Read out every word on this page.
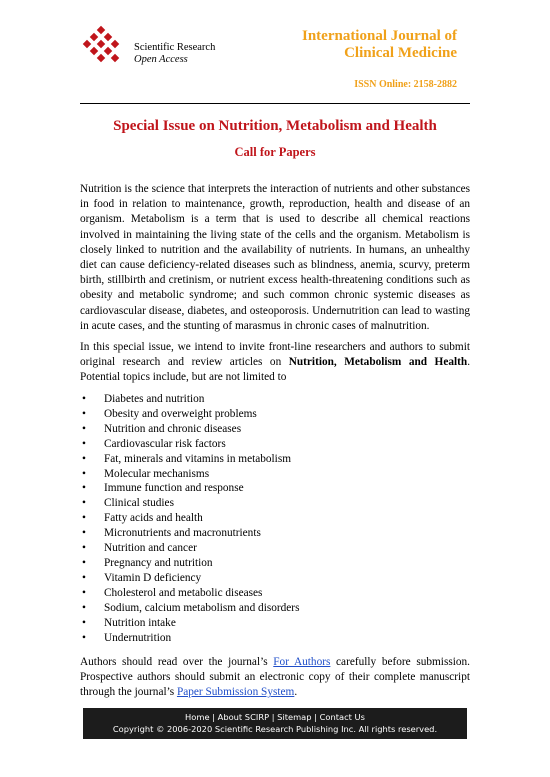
Scientific Research
Open Access
International Journal of
Clinical Medicine
ISSN Online: 2158-2882
Special Issue on Nutrition, Metabolism and Health
Call for Papers

Nutrition is the science that interprets the interaction of nutrients and other substances in food in relation to maintenance, growth, reproduction, health and disease of an organism. Metabolism is a term that is used to describe all chemical reactions involved in maintaining the living state of the cells and the organism. Metabolism is closely linked to nutrition and the availability of nutrients. In humans, an unhealthy diet can cause deficiency-related diseases such as blindness, anemia, scurvy, preterm birth, stillbirth and cretinism, or nutrient excess health-threatening conditions such as obesity and metabolic syndrome; and such common chronic systemic diseases as cardiovascular disease, diabetes, and osteoporosis. Undernutrition can lead to wasting in acute cases, and the stunting of marasmus in chronic cases of malnutrition.

In this special issue, we intend to invite front-line researchers and authors to submit original research and review articles on Nutrition, Metabolism and Health. Potential topics include, but are not limited to

• Diabetes and nutrition
• Obesity and overweight problems
• Nutrition and chronic diseases
• Cardiovascular risk factors
• Fat, minerals and vitamins in metabolism
• Molecular mechanisms
• Immune function and response
• Clinical studies
• Fatty acids and health
• Micronutrients and macronutrients
• Nutrition and cancer
• Pregnancy and nutrition
• Vitamin D deficiency
• Cholesterol and metabolic diseases
• Sodium, calcium metabolism and disorders
• Nutrition intake
• Undernutrition

Authors should read over the journal’s For Authors carefully before submission. Prospective authors should submit an electronic copy of their complete manuscript through the journal’s Paper Submission System.

Home | About SCIRP | Sitemap | Contact Us
Copyright © 2006-2020 Scientific Research Publishing Inc. All rights reserved.
